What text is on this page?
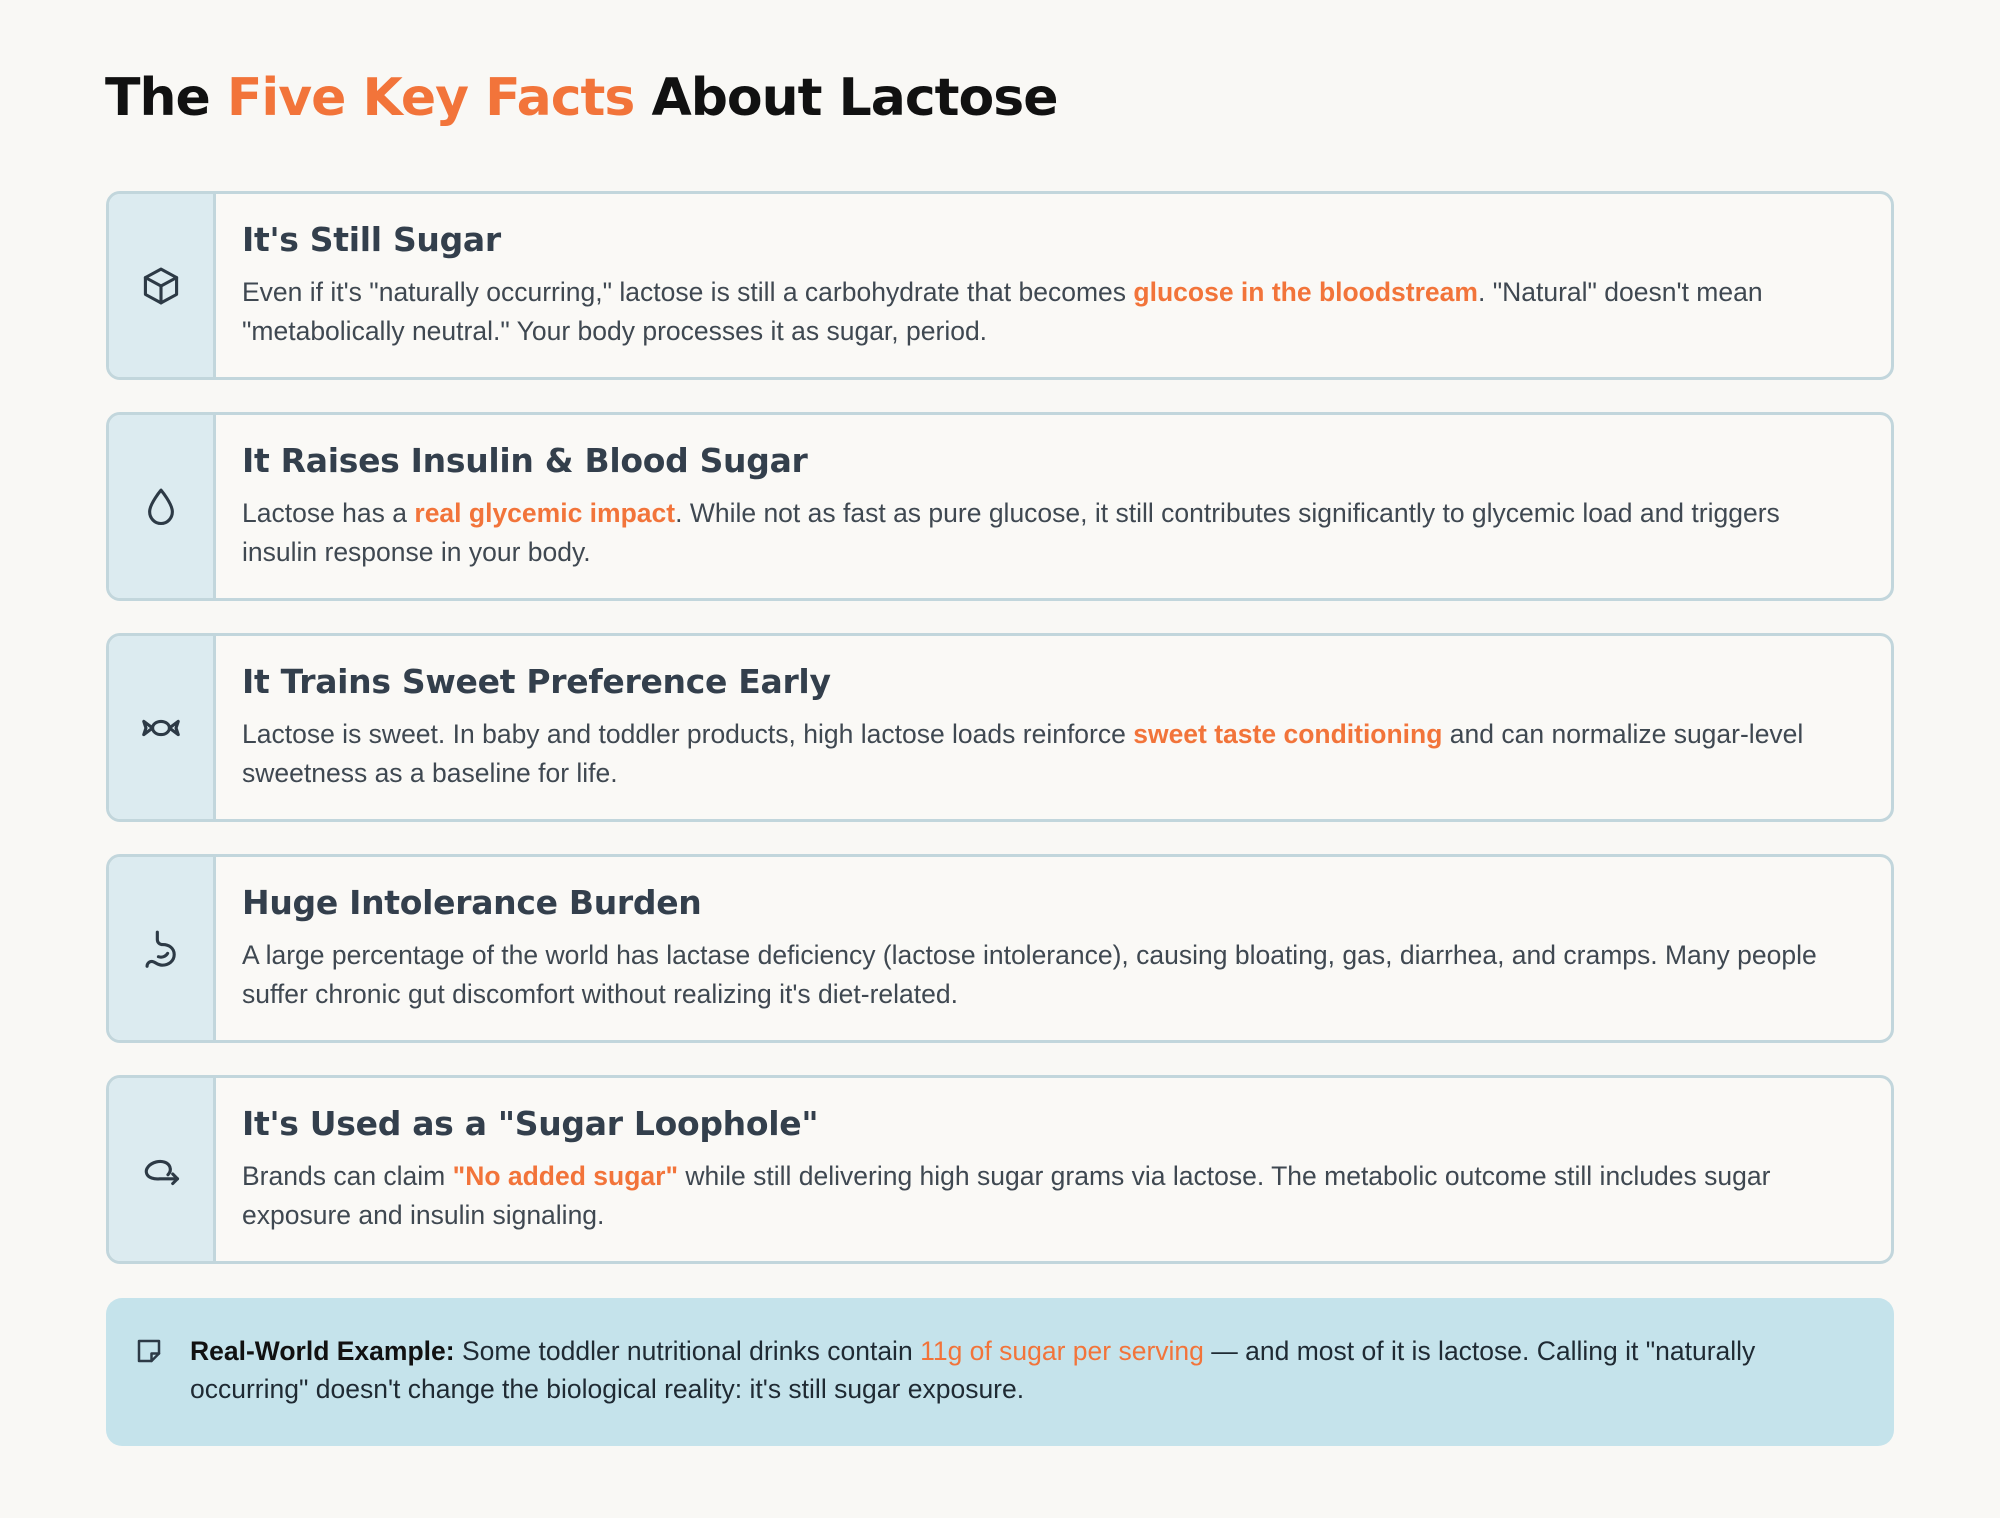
The Five Key Facts About Lactose
It's Still Sugar

Even if it's "naturally occurring," lactose is still a carbohydrate that becomes glucose in the bloodstream. "Natural" doesn't mean "metabolically neutral." Your body processes it as sugar, period.

It Raises Insulin & Blood Sugar

Lactose has a real glycemic impact. While not as fast as pure glucose, it still contributes significantly to glycemic load and triggers insulin response in your body.

It Trains Sweet Preference Early

Lactose is sweet. In baby and toddler products, high lactose loads reinforce sweet taste conditioning and can normalize sugar-level sweetness as a baseline for life.

Huge Intolerance Burden

A large percentage of the world has lactase deficiency (lactose intolerance), causing bloating, gas, diarrhea, and cramps. Many people suffer chronic gut discomfort without realizing it's diet-related.

It's Used as a "Sugar Loophole"

Brands can claim "No added sugar" while still delivering high sugar grams via lactose. The metabolic outcome still includes sugar exposure and insulin signaling.

Real-World Example: Some toddler nutritional drinks contain 11g of sugar per serving — and most of it is lactose. Calling it "naturally occurring" doesn't change the biological reality: it's still sugar exposure.
